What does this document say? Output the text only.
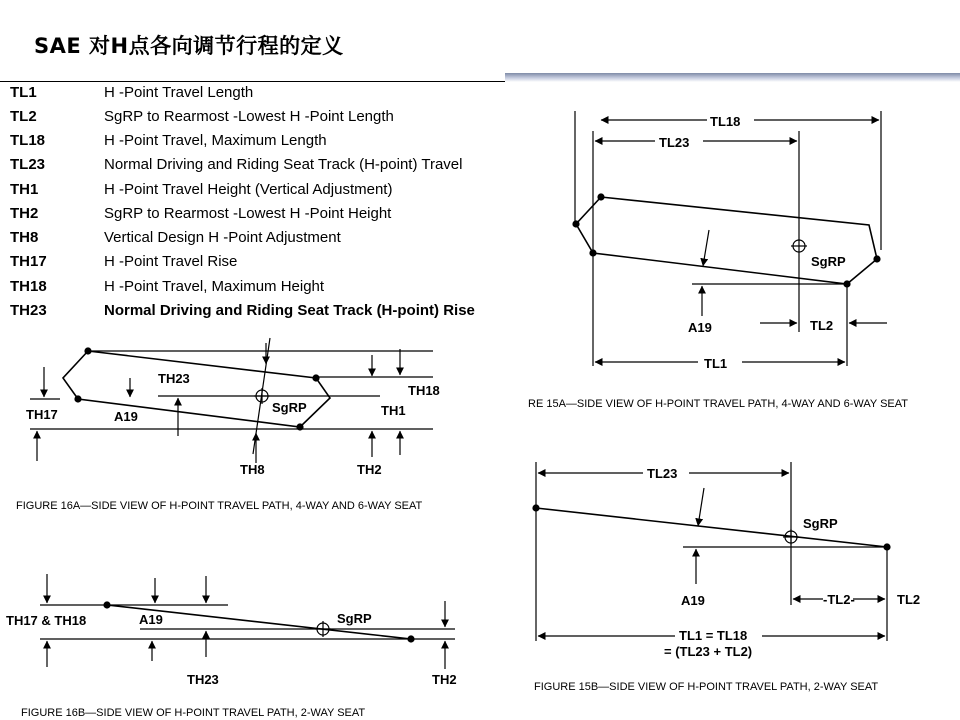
SAE 对H点各向调节行程的定义
TL1	H -Point Travel Length
TL2	SgRP to Rearmost -Lowest H -Point Length
TL18	H -Point Travel, Maximum Length
TL23	Normal Driving and Riding Seat Track (H-point) Travel
TH1	H -Point Travel Height (Vertical Adjustment)
TH2	SgRP to Rearmost -Lowest H -Point Height
TH8	Vertical Design H -Point Adjustment
TH17	H -Point Travel Rise
TH18	H -Point Travel, Maximum Height
TH23	Normal Driving and Riding Seat Track (H-point) Rise
TH23
TH17	A19
SgRP
TH18
TH1
TH8	TH2
FIGURE 16A—SIDE VIEW OF H-POINT TRAVEL PATH, 4-WAY AND 6-WAY SEAT
TL18
TL23
SgRP
A19	TL2
TL1
RE 15A—SIDE VIEW OF H-POINT TRAVEL PATH, 4-WAY AND 6-WAY SEAT
TH17 & TH18	A19	SgRP
TH23	TH2
FIGURE 16B—SIDE VIEW OF H-POINT TRAVEL PATH, 2-WAY SEAT
TL23
SgRP
A19	-TL2-	TL2
TL1 = TL18
= (TL23 + TL2)
FIGURE 15B—SIDE VIEW OF H-POINT TRAVEL PATH, 2-WAY SEAT
